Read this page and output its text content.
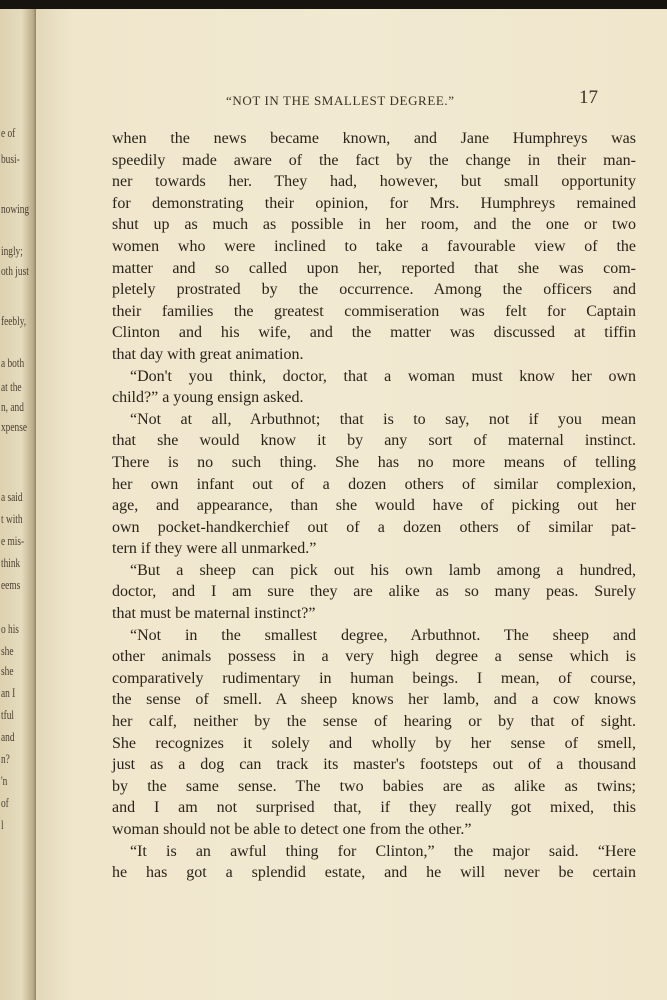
e of
busi-
nowing
ingly;
oth just
feebly,
a both
at the
n, and
xpense
a said
t with
e mis-
think
eems
o his
she
she
an I
tful
and
n?
'n
of
l
“NOT IN THE SMALLEST DEGREE.”	17
when the news became known, and Jane Humphreys was
speedily made aware of the fact by the change in their man-
ner towards her. They had, however, but small opportunity
for demonstrating their opinion, for Mrs. Humphreys remained
shut up as much as possible in her room, and the one or two
women who were inclined to take a favourable view of the
matter and so called upon her, reported that she was com-
pletely prostrated by the occurrence. Among the officers and
their families the greatest commiseration was felt for Captain
Clinton and his wife, and the matter was discussed at tiffin
that day with great animation.
“Don't you think, doctor, that a woman must know her own
child?” a young ensign asked.
“Not at all, Arbuthnot; that is to say, not if you mean
that she would know it by any sort of maternal instinct.
There is no such thing. She has no more means of telling
her own infant out of a dozen others of similar complexion,
age, and appearance, than she would have of picking out her
own pocket-handkerchief out of a dozen others of similar pat-
tern if they were all unmarked.”
“But a sheep can pick out his own lamb among a hundred,
doctor, and I am sure they are alike as so many peas. Surely
that must be maternal instinct?”
“Not in the smallest degree, Arbuthnot. The sheep and
other animals possess in a very high degree a sense which is
comparatively rudimentary in human beings. I mean, of course,
the sense of smell. A sheep knows her lamb, and a cow knows
her calf, neither by the sense of hearing or by that of sight.
She recognizes it solely and wholly by her sense of smell,
just as a dog can track its master's footsteps out of a thousand
by the same sense. The two babies are as alike as twins;
and I am not surprised that, if they really got mixed, this
woman should not be able to detect one from the other.”
“It is an awful thing for Clinton,” the major said. “Here
he has got a splendid estate, and he will never be certain
